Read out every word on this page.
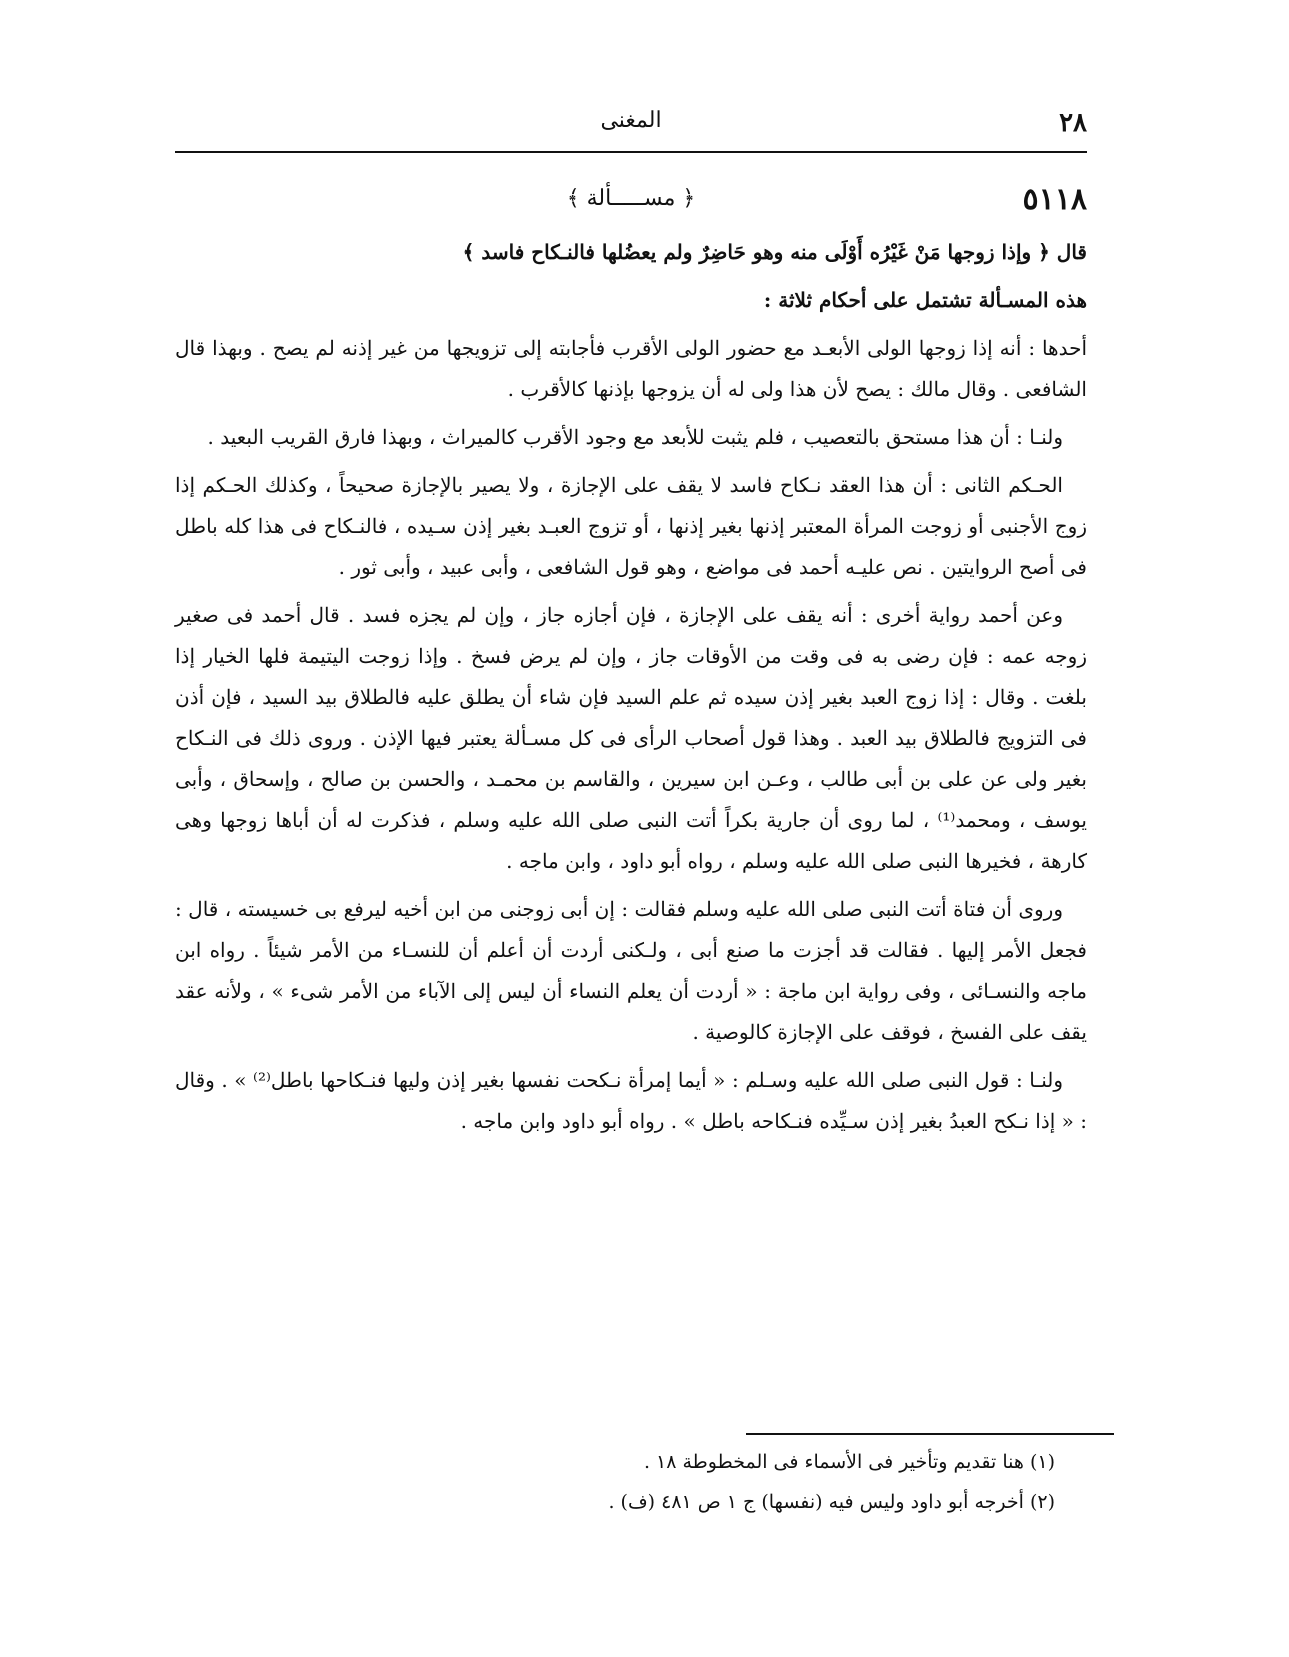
٢٨
المغنى
٥١١٨
﴿ مســـــألة ﴾

قال ﴿ وإذا زوجها مَنْ غَيْرُه أَوْلَى منه وهو حَاضِرٌ ولم يعضُلها فالنـكاح فاسد ﴾

هذه المسـألة تشتمل على أحكام ثلاثة :

أحدها : أنه إذا زوجها الولى الأبعـد مع حضور الولى الأقرب فأجابته إلى تزويجها من غير إذنه لم يصح . وبهذا قال الشافعى . وقال مالك : يصح لأن هذا ولى له أن يزوجها بإذنها كالأقرب .

ولنـا : أن هذا مستحق بالتعصيب ، فلم يثبت للأبعد مع وجود الأقرب كالميراث ، وبهذا فارق القريب البعيد .

الحـكم الثانى : أن هذا العقد نـكاح فاسد لا يقف على الإجازة ، ولا يصير بالإجازة صحيحاً ، وكذلك الحـكم إذا زوج الأجنبى أو زوجت المرأة المعتبر إذنها بغير إذنها ، أو تزوج العبـد بغير إذن سـيده ، فالنـكاح فى هذا كله باطل فى أصح الروايتين . نص عليـه أحمد فى مواضع ، وهو قول الشافعى ، وأبى عبيد ، وأبى ثور .

وعن أحمد رواية أخرى : أنه يقف على الإجازة ، فإن أجازه جاز ، وإن لم يجزه فسد . قال أحمد فى صغير زوجه عمه : فإن رضى به فى وقت من الأوقات جاز ، وإن لم يرض فسخ . وإذا زوجت اليتيمة فلها الخيار إذا بلغت . وقال : إذا زوج العبد بغير إذن سيده ثم علم السيد فإن شاء أن يطلق عليه فالطلاق بيد السيد ، فإن أذن فى التزويج فالطلاق بيد العبد . وهذا قول أصحاب الرأى فى كل مسـألة يعتبر فيها الإذن . وروى ذلك فى النـكاح بغير ولى عن على بن أبى طالب ، وعـن ابن سيرين ، والقاسم بن محمـد ، والحسن بن صالح ، وإسحاق ، وأبى يوسف ، ومحمد⁽¹⁾ ، لما روى أن جارية بكراً أتت النبى صلى الله عليه وسلم ، فذكرت له أن أباها زوجها وهى كارهة ، فخيرها النبى صلى الله عليه وسلم ، رواه أبو داود ، وابن ماجه .

وروى أن فتاة أتت النبى صلى الله عليه وسلم فقالت : إن أبى زوجنى من ابن أخيه ليرفع بى خسيسته ، قال : فجعل الأمر إليها . فقالت قد أجزت ما صنع أبى ، ولـكنى أردت أن أعلم أن للنسـاء من الأمر شيئاً . رواه ابن ماجه والنسـائى ، وفى رواية ابن ماجة : « أردت أن يعلم النساء أن ليس إلى الآباء من الأمر شىء » ، ولأنه عقد يقف على الفسخ ، فوقف على الإجازة كالوصية .

ولنـا : قول النبى صلى الله عليه وسـلم : « أيما إمرأة نـكحت نفسها بغير إذن وليها فنـكاحها باطل⁽²⁾ » . وقال : « إذا نـكح العبدُ بغير إذن سـيِّده فنـكاحه باطل » . رواه أبو داود وابن ماجه .

(١) هنا تقديم وتأخير فى الأسماء فى المخطوطة ١٨ .
(٢) أخرجه أبو داود وليس فيه (نفسها) ج ١ ص ٤٨١ (ف) .
